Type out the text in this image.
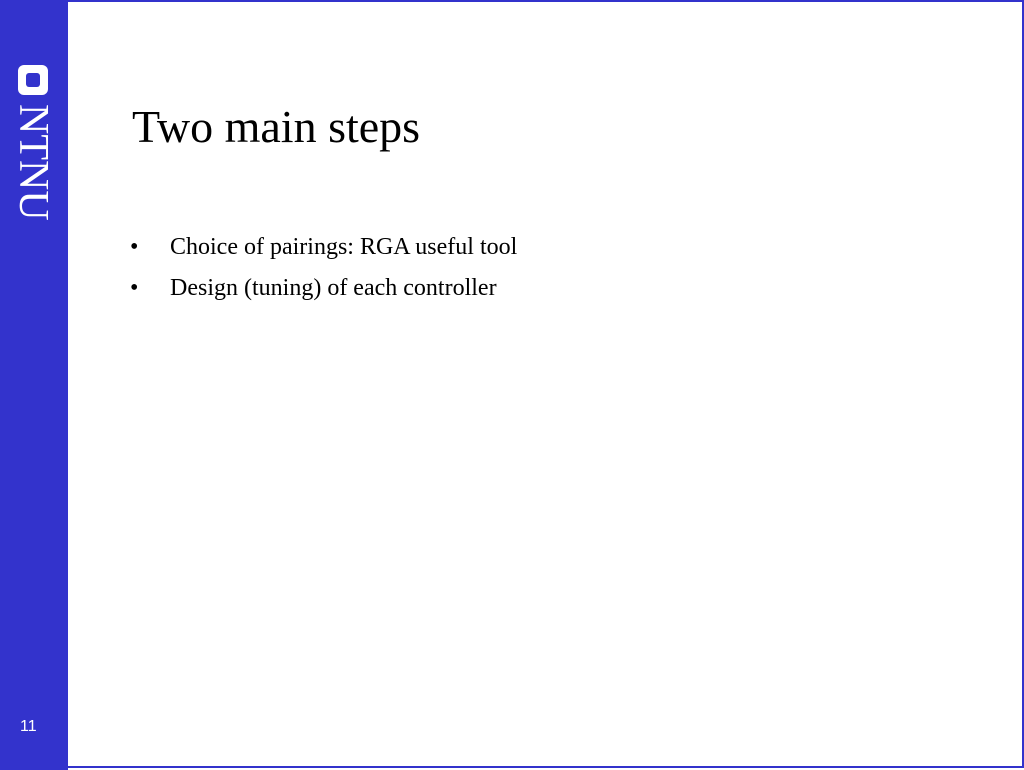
NTNU
11
Two main steps
• Choice of pairings: RGA useful tool
• Design (tuning) of each controller
